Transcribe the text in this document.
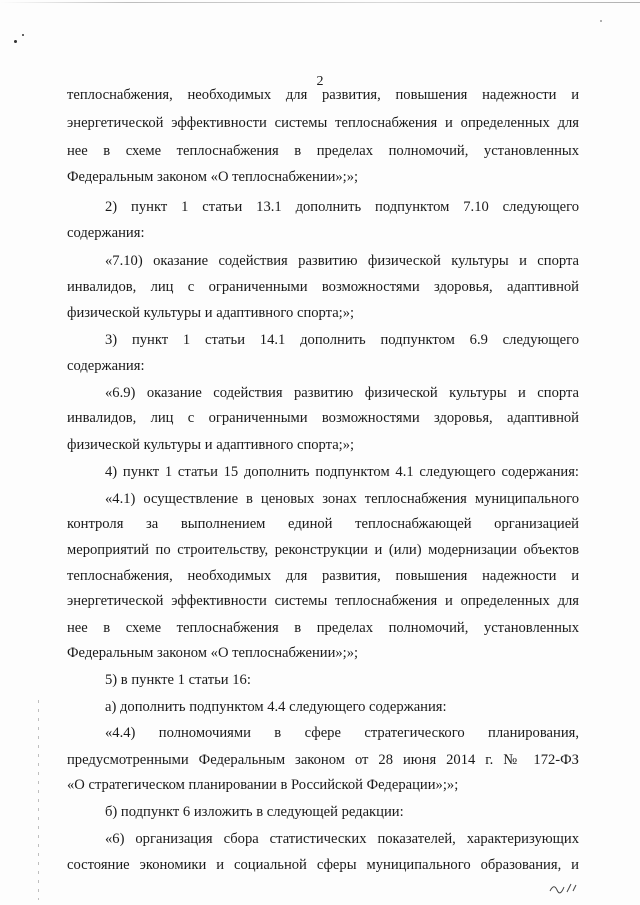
2
теплоснабжения, необходимых для развития, повышения надежности и
энергетической эффективности системы теплоснабжения и определенных для
нее в схеме теплоснабжения в пределах полномочий, установленных
Федеральным законом «О теплоснабжении»;»;
2) пункт 1 статьи 13.1 дополнить подпунктом 7.10 следующего
содержания:
«7.10) оказание содействия развитию физической культуры и спорта
инвалидов, лиц с ограниченными возможностями здоровья, адаптивной
физической культуры и адаптивного спорта;»;
3) пункт 1 статьи 14.1 дополнить подпунктом 6.9 следующего
содержания:
«6.9) оказание содействия развитию физической культуры и спорта
инвалидов, лиц с ограниченными возможностями здоровья, адаптивной
физической культуры и адаптивного спорта;»;
4) пункт 1 статьи 15 дополнить подпунктом 4.1 следующего содержания:
«4.1) осуществление в ценовых зонах теплоснабжения муниципального
контроля за выполнением единой теплоснабжающей организацией
мероприятий по строительству, реконструкции и (или) модернизации объектов
теплоснабжения, необходимых для развития, повышения надежности и
энергетической эффективности системы теплоснабжения и определенных для
нее в схеме теплоснабжения в пределах полномочий, установленных
Федеральным законом «О теплоснабжении»;»;
5) в пункте 1 статьи 16:
а) дополнить подпунктом 4.4 следующего содержания:
«4.4) полномочиями в сфере стратегического планирования,
предусмотренными Федеральным законом от 28 июня 2014 г. № 172-ФЗ
«О стратегическом планировании в Российской Федерации»;»;
б) подпункт 6 изложить в следующей редакции:
«6) организация сбора статистических показателей, характеризующих
состояние экономики и социальной сферы муниципального образования, и
